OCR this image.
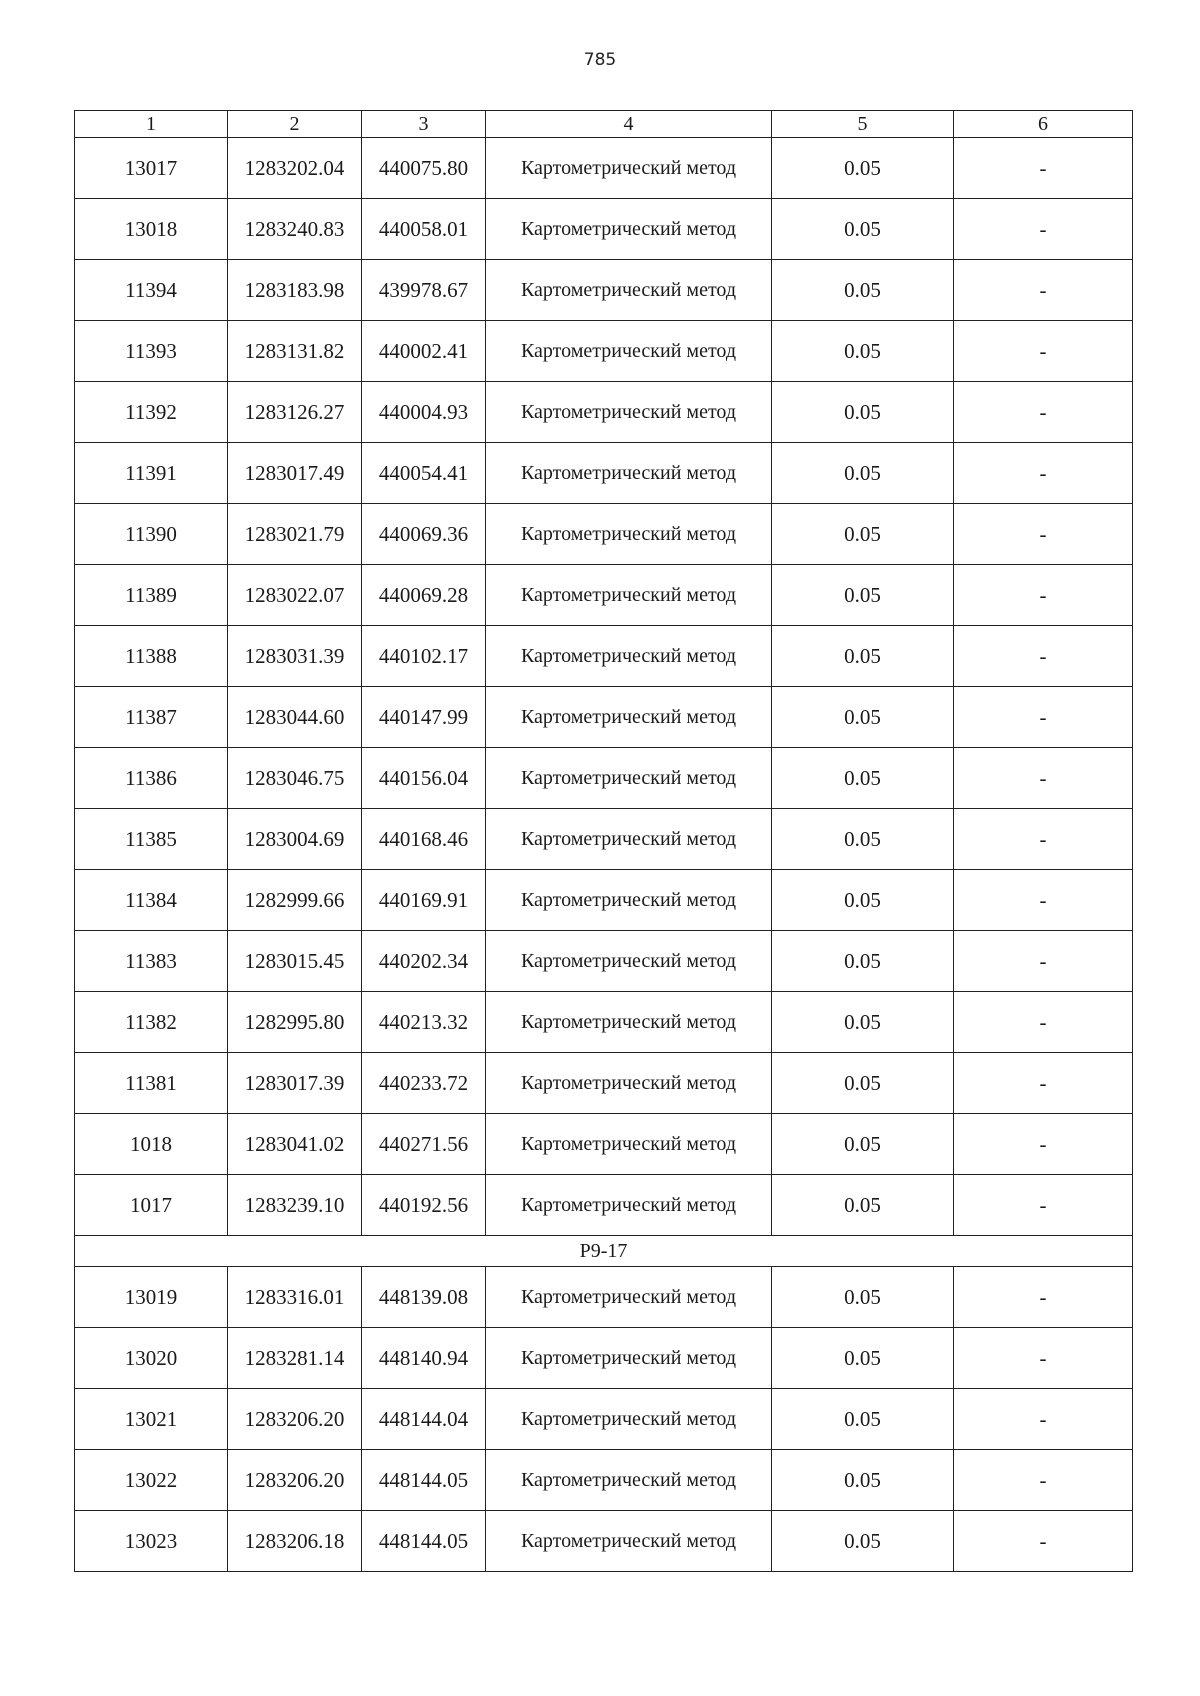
785
1	2	3	4	5	6
13017	1283202.04	440075.80	Картометрический метод	0.05	-
13018	1283240.83	440058.01	Картометрический метод	0.05	-
11394	1283183.98	439978.67	Картометрический метод	0.05	-
11393	1283131.82	440002.41	Картометрический метод	0.05	-
11392	1283126.27	440004.93	Картометрический метод	0.05	-
11391	1283017.49	440054.41	Картометрический метод	0.05	-
11390	1283021.79	440069.36	Картометрический метод	0.05	-
11389	1283022.07	440069.28	Картометрический метод	0.05	-
11388	1283031.39	440102.17	Картометрический метод	0.05	-
11387	1283044.60	440147.99	Картометрический метод	0.05	-
11386	1283046.75	440156.04	Картометрический метод	0.05	-
11385	1283004.69	440168.46	Картометрический метод	0.05	-
11384	1282999.66	440169.91	Картометрический метод	0.05	-
11383	1283015.45	440202.34	Картометрический метод	0.05	-
11382	1282995.80	440213.32	Картометрический метод	0.05	-
11381	1283017.39	440233.72	Картометрический метод	0.05	-
1018	1283041.02	440271.56	Картометрический метод	0.05	-
1017	1283239.10	440192.56	Картометрический метод	0.05	-
P9-17					
13019	1283316.01	448139.08	Картометрический метод	0.05	-
13020	1283281.14	448140.94	Картометрический метод	0.05	-
13021	1283206.20	448144.04	Картометрический метод	0.05	-
13022	1283206.20	448144.05	Картометрический метод	0.05	-
13023	1283206.18	448144.05	Картометрический метод	0.05	-
